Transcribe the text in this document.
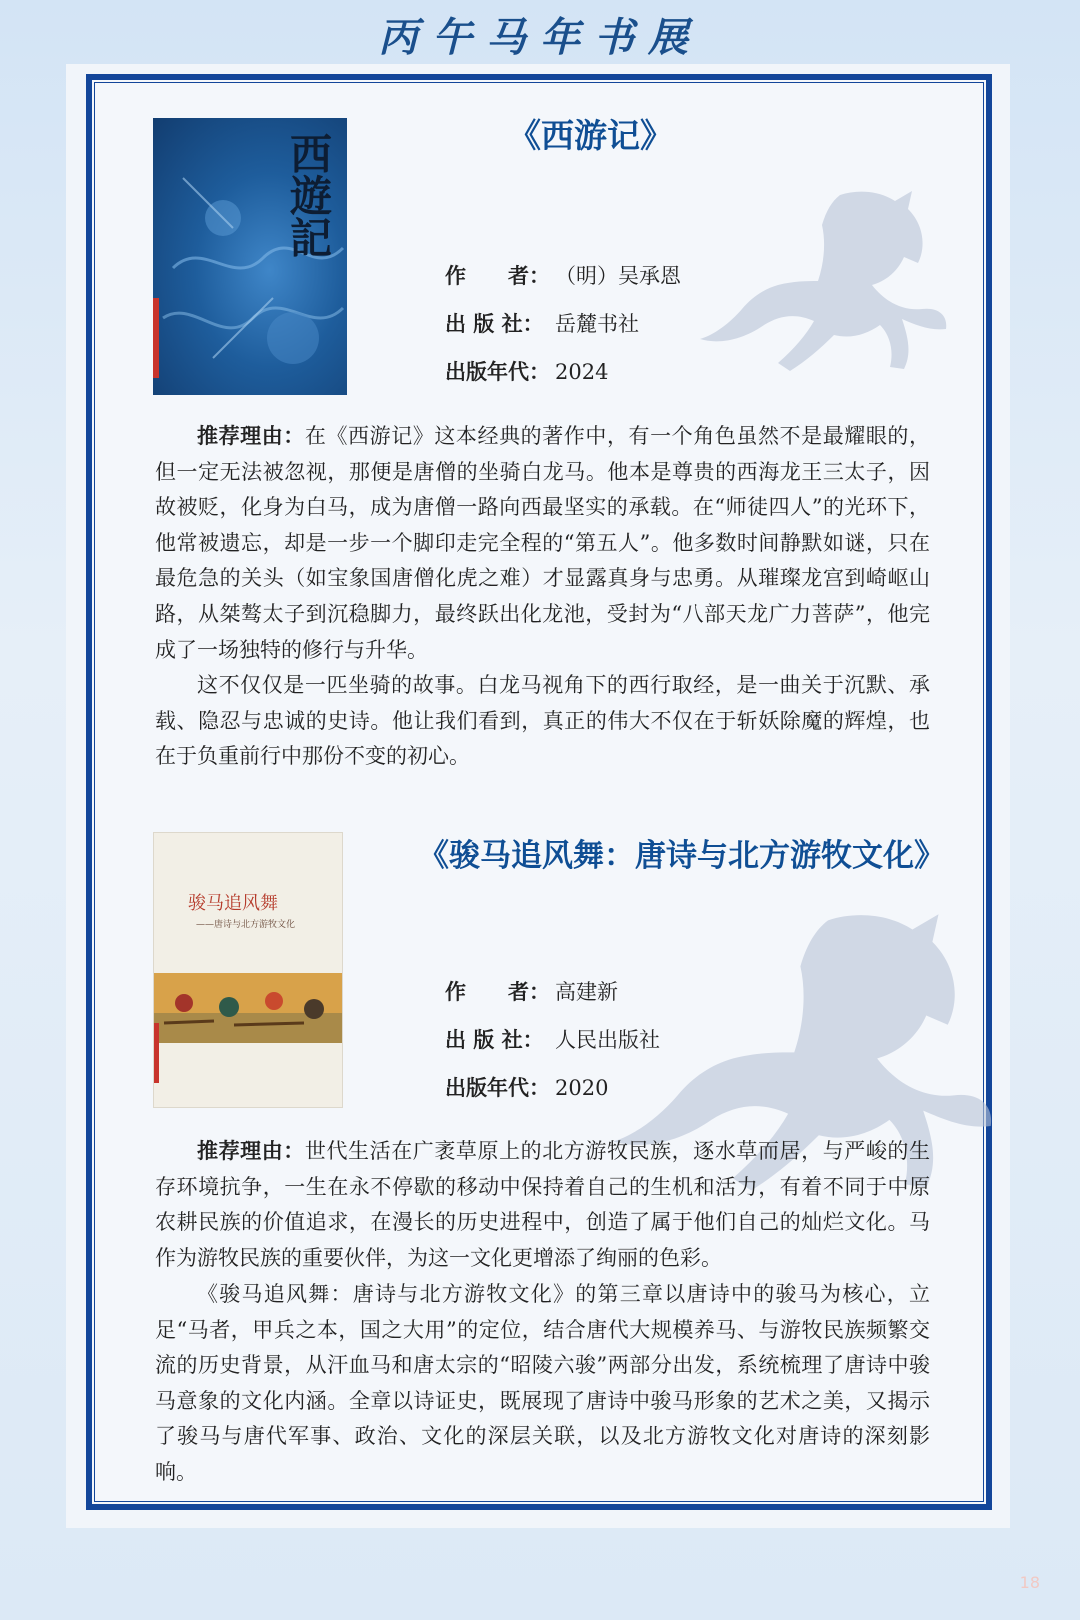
丙午马年书展
西遊記	《西游记》
作　　者： （明）吴承恩
出 版 社： 岳麓书社
出版年代： 2024

推荐理由：在《西游记》这本经典的著作中，有一个角色虽然不是最耀眼的，但一定无法被忽视，那便是唐僧的坐骑白龙马。他本是尊贵的西海龙王三太子，因故被贬，化身为白马，成为唐僧一路向西最坚实的承载。在“师徒四人”的光环下，他常被遗忘，却是一步一个脚印走完全程的“第五人”。他多数时间静默如谜，只在最危急的关头（如宝象国唐僧化虎之难）才显露真身与忠勇。从璀璨龙宫到崎岖山路，从桀骜太子到沉稳脚力，最终跃出化龙池，受封为“八部天龙广力菩萨”，他完成了一场独特的修行与升华。

这不仅仅是一匹坐骑的故事。白龙马视角下的西行取经，是一曲关于沉默、承载、隐忍与忠诚的史诗。他让我们看到，真正的伟大不仅在于斩妖除魔的辉煌，也在于负重前行中那份不变的初心。

骏马追风舞
——唐诗与北方游牧文化
《骏马追风舞：唐诗与北方游牧文化》
作　　者： 高建新
出 版 社： 人民出版社
出版年代： 2020

推荐理由：世代生活在广袤草原上的北方游牧民族，逐水草而居，与严峻的生存环境抗争，一生在永不停歇的移动中保持着自己的生机和活力，有着不同于中原农耕民族的价值追求，在漫长的历史进程中，创造了属于他们自己的灿烂文化。马作为游牧民族的重要伙伴，为这一文化更增添了绚丽的色彩。

《骏马追风舞：唐诗与北方游牧文化》的第三章以唐诗中的骏马为核心，立足“马者，甲兵之本，国之大用”的定位，结合唐代大规模养马、与游牧民族频繁交流的历史背景，从汗血马和唐太宗的“昭陵六骏”两部分出发，系统梳理了唐诗中骏马意象的文化内涵。全章以诗证史，既展现了唐诗中骏马形象的艺术之美，又揭示了骏马与唐代军事、政治、文化的深层关联，以及北方游牧文化对唐诗的深刻影响。

18
